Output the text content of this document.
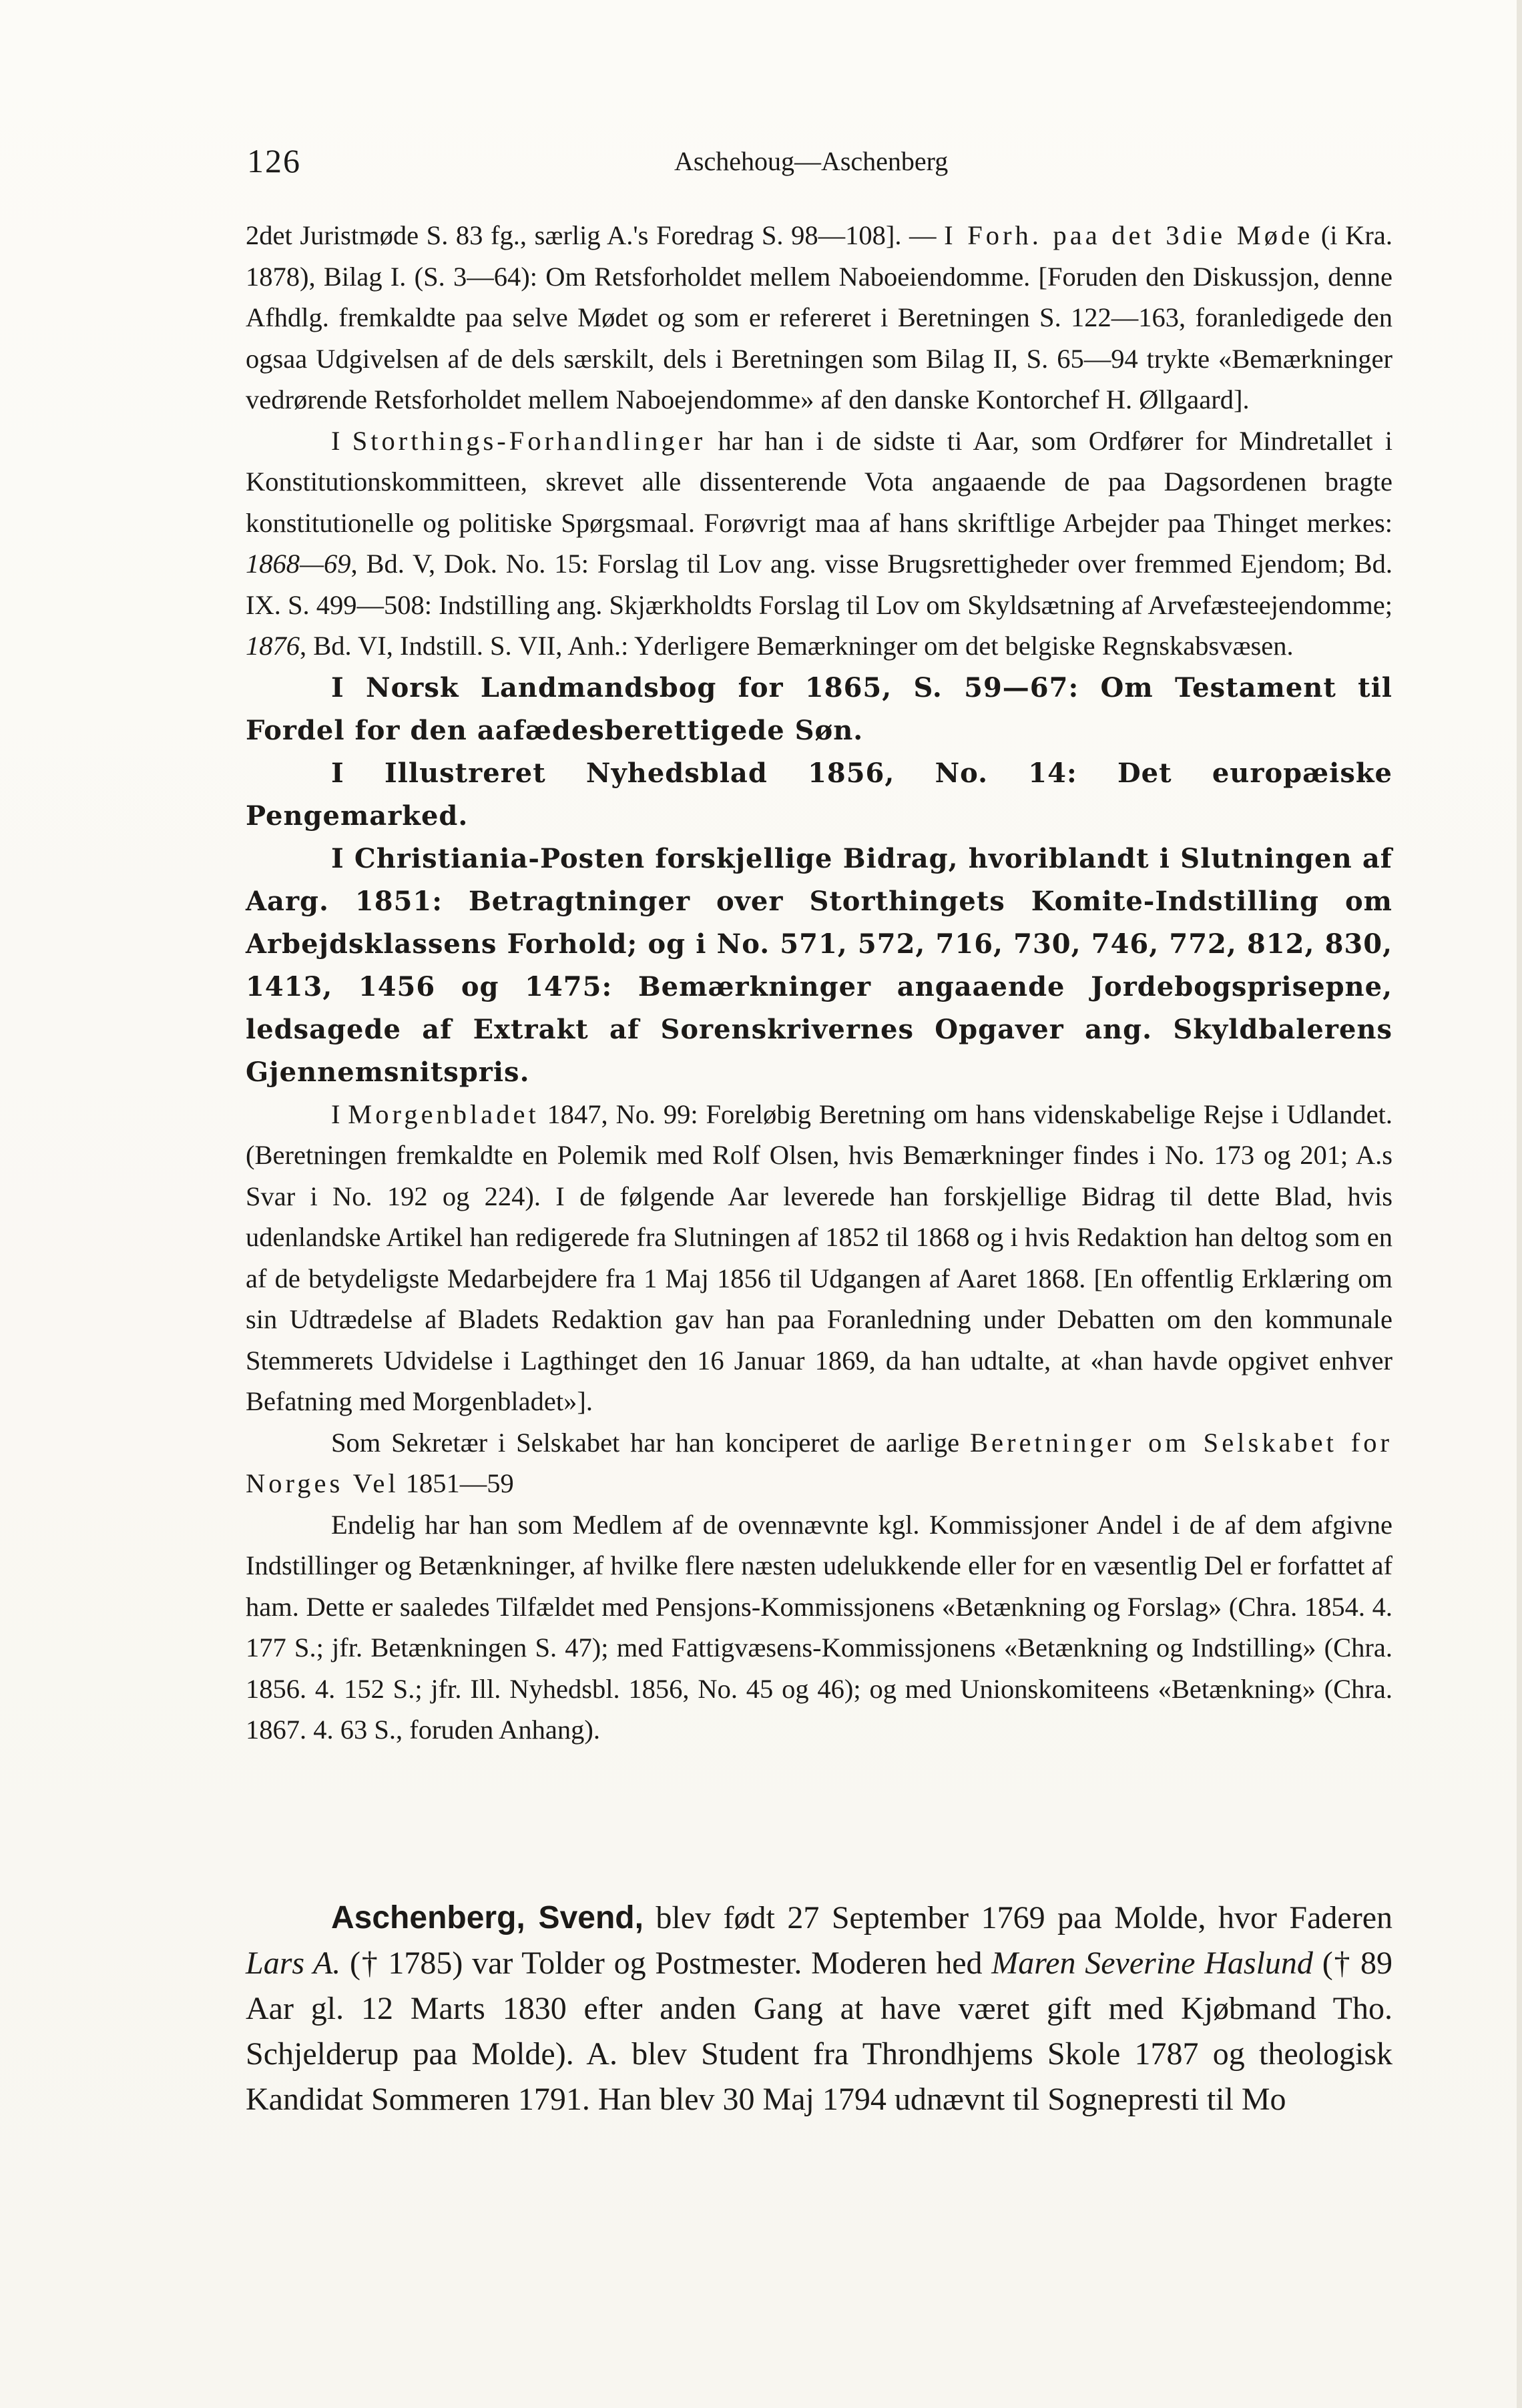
126	Aschehoug—Aschenberg

2det Juristmøde S. 83 fg., særlig A.'s Foredrag S. 98—108]. — I Forh. paa det 3die Møde (i Kra. 1878), Bilag I. (S. 3—64): Om Retsforholdet mellem Naboeiendomme. [Foruden den Diskussjon, denne Afhdlg. fremkaldte paa selve Mødet og som er refereret i Beretningen S. 122—163, foranledigede den ogsaa Udgivelsen af de dels særskilt, dels i Beretningen som Bilag II, S. 65—94 trykte «Bemærkninger vedrørende Retsforholdet mellem Naboejendomme» af den danske Kontorchef H. Øllgaard].

I Storthings-Forhandlinger har han i de sidste ti Aar, som Ordfører for Mindretallet i Konstitutionskommitteen, skrevet alle dissenterende Vota angaaende de paa Dagsordenen bragte konstitutionelle og politiske Spørgsmaal. Forøvrigt maa af hans skriftlige Arbejder paa Thinget merkes: 1868—69, Bd. V, Dok. No. 15: Forslag til Lov ang. visse Brugsrettigheder over fremmed Ejendom; Bd. IX. S. 499—508: Indstilling ang. Skjærkholdts Forslag til Lov om Skyldsætning af Arvefæsteejendomme; 1876, Bd. VI, Indstill. S. VII, Anh.: Yderligere Bemærkninger om det belgiske Regnskabsvæsen.

I Norsk Landmandsbog for 1865, S. 59—67: Om Testament til Fordel for den aafædesberettigede Søn.

I Illustreret Nyhedsblad 1856, No. 14: Det europæiske Pengemarked.

I Christiania-Posten forskjellige Bidrag, hvoriblandt i Slutningen af Aarg. 1851: Betragtninger over Storthingets Komite-Indstilling om Arbejdsklassens Forhold; og i No. 571, 572, 716, 730, 746, 772, 812, 830, 1413, 1456 og 1475: Bemærkninger angaaende Jordebogsprisерne, ledsagede af Extrakt af Sorenskrivernes Opgaver ang. Skyldbalerens Gjennemsnitspris.

I Morgenbladet 1847, No. 99: Foreløbig Beretning om hans videnskabelige Rejse i Udlandet. (Beretningen fremkaldte en Polemik med Rolf Olsen, hvis Bemærkninger findes i No. 173 og 201; A.s Svar i No. 192 og 224). I de følgende Aar leverede han forskjellige Bidrag til dette Blad, hvis udenlandske Artikel han redigerede fra Slutningen af 1852 til 1868 og i hvis Redaktion han deltog som en af de betydeligste Medarbejdere fra 1 Maj 1856 til Udgangen af Aaret 1868. [En offentlig Erklæring om sin Udtrædelse af Bladets Redaktion gav han paa Foranledning under Debatten om den kommunale Stemmerets Udvidelse i Lagthinget den 16 Januar 1869, da han udtalte, at «han havde opgivet enhver Befatning med Morgenbladet»].

Som Sekretær i Selskabet har han konciperet de aarlige Beretninger om Selskabet for Norges Vel 1851—59

Endelig har han som Medlem af de ovennævnte kgl. Kommissjoner Andel i de af dem afgivne Indstillinger og Betænkninger, af hvilke flere næsten udelukkende eller for en væsentlig Del er forfattet af ham. Dette er saaledes Tilfældet med Pensjons-Kommissjonens «Betænkning og Forslag» (Chra. 1854. 4. 177 S.; jfr. Betænkningen S. 47); med Fattigvæsens-Kommissjonens «Betænkning og Indstilling» (Chra. 1856. 4. 152 S.; jfr. Ill. Nyhedsbl. 1856, No. 45 og 46); og med Unionskomiteens «Betænkning» (Chra. 1867. 4. 63 S., foruden Anhang).

Aschenberg, Svend, blev født 27 September 1769 paa Molde, hvor Faderen Lars A. († 1785) var Tolder og Postmester. Moderen hed Maren Severine Haslund († 89 Aar gl. 12 Marts 1830 efter anden Gang at have været gift med Kjøbmand Tho. Schjelderup paa Molde). A. blev Student fra Throndhjems Skole 1787 og theologisk Kandidat Sommeren 1791. Han blev 30 Maj 1794 udnævnt til Sognepresti til Mo
